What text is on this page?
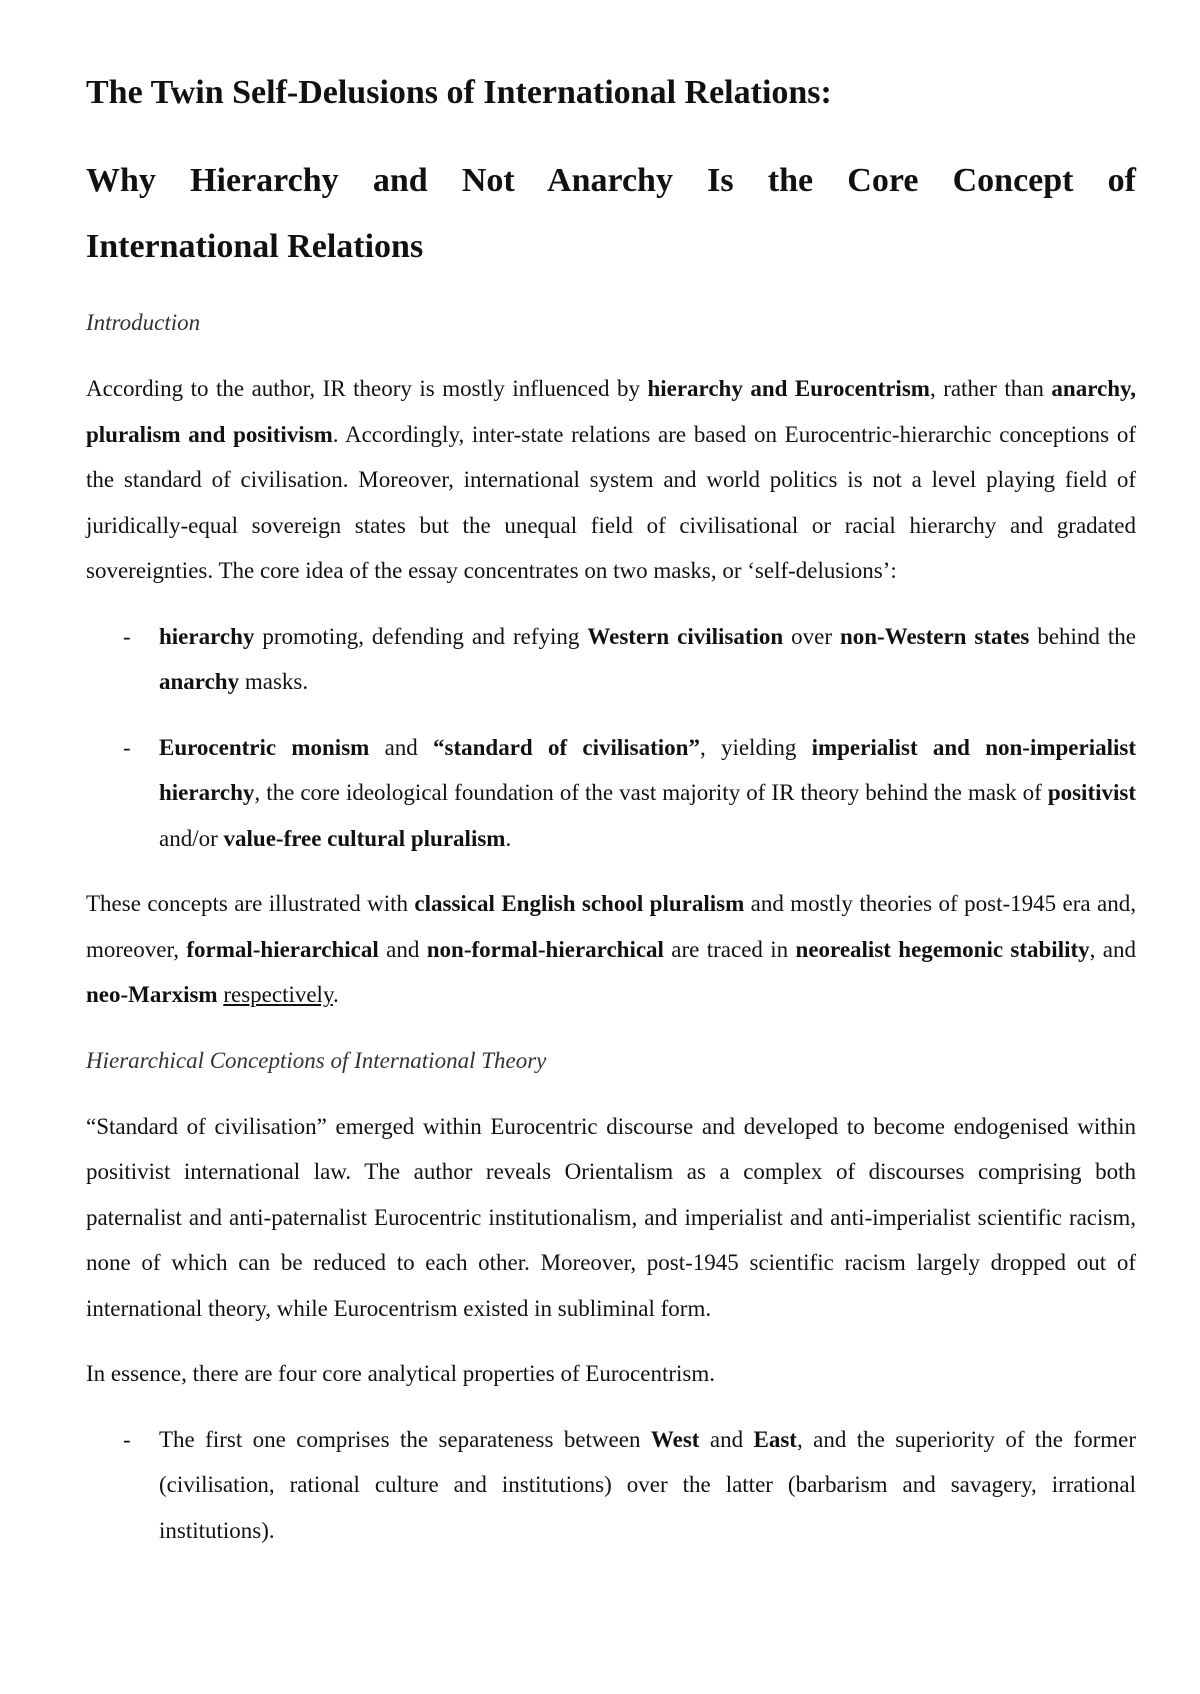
The Twin Self-Delusions of International Relations:
Why Hierarchy and Not Anarchy Is the Core Concept of
International Relations
Introduction

According to the author, IR theory is mostly influenced by hierarchy and Eurocentrism, rather than anarchy, pluralism and positivism. Accordingly, inter-state relations are based on Eurocentric-hierarchic conceptions of the standard of civilisation. Moreover, international system and world politics is not a level playing field of juridically-equal sovereign states but the unequal field of civilisational or racial hierarchy and gradated sovereignties. The core idea of the essay concentrates on two masks, or ‘self-delusions’:

- hierarchy promoting, defending and refying Western civilisation over non-Western states behind the anarchy masks.
- Eurocentric monism and “standard of civilisation”, yielding imperialist and non-imperialist hierarchy, the core ideological foundation of the vast majority of IR theory behind the mask of positivist and/or value-free cultural pluralism.

These concepts are illustrated with classical English school pluralism and mostly theories of post-1945 era and, moreover, formal-hierarchical and non-formal-hierarchical are traced in neorealist hegemonic stability, and neo-Marxism respectively.

Hierarchical Conceptions of International Theory

“Standard of civilisation” emerged within Eurocentric discourse and developed to become endogenised within positivist international law. The author reveals Orientalism as a complex of discourses comprising both paternalist and anti-paternalist Eurocentric institutionalism, and imperialist and anti-imperialist scientific racism, none of which can be reduced to each other. Moreover, post-1945 scientific racism largely dropped out of international theory, while Eurocentrism existed in subliminal form.

In essence, there are four core analytical properties of Eurocentrism.

- The first one comprises the separateness between West and East, and the superiority of the former (civilisation, rational culture and institutions) over the latter (barbarism and savagery, irrational institutions).
